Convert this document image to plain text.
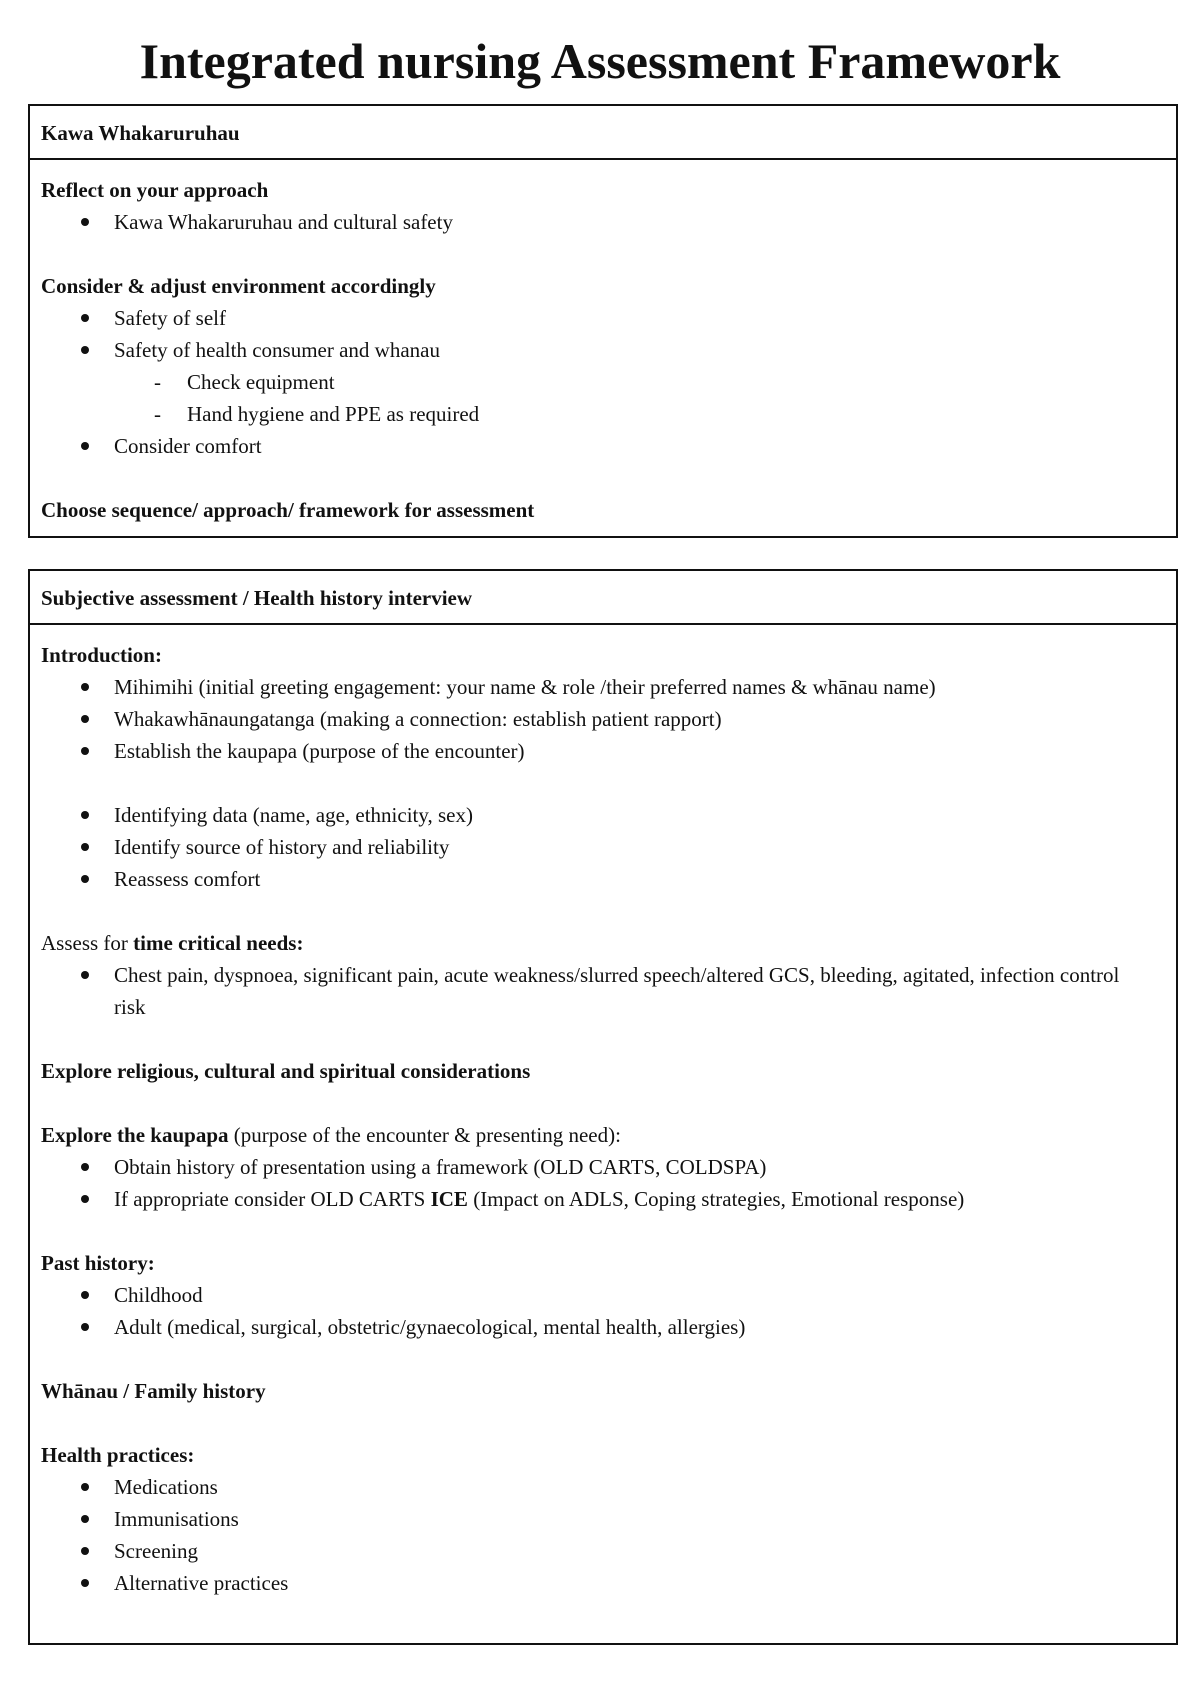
Integrated nursing Assessment Framework
Kawa Whakaruruhau
Reflect on your approach
Kawa Whakaruruhau and cultural safety
Consider & adjust environment accordingly
Safety of self
Safety of health consumer and whanau
- Check equipment
- Hand hygiene and PPE as required
Consider comfort
Choose sequence/ approach/ framework for assessment
Subjective assessment / Health history interview
Introduction:
Mihimihi (initial greeting engagement: your name & role /their preferred names & whānau name)
Whakawhānaungatanga (making a connection: establish patient rapport)
Establish the kaupapa (purpose of the encounter)
Identifying data (name, age, ethnicity, sex)
Identify source of history and reliability
Reassess comfort
Assess for time critical needs:
Chest pain, dyspnoea, significant pain, acute weakness/slurred speech/altered GCS, bleeding, agitated, infection control risk
Explore religious, cultural and spiritual considerations
Explore the kaupapa (purpose of the encounter & presenting need):
Obtain history of presentation using a framework (OLD CARTS, COLDSPA)
If appropriate consider OLD CARTS ICE (Impact on ADLS, Coping strategies, Emotional response)
Past history:
Childhood
Adult (medical, surgical, obstetric/gynaecological, mental health, allergies)
Whānau / Family history
Health practices:
Medications
Immunisations
Screening
Alternative practices
